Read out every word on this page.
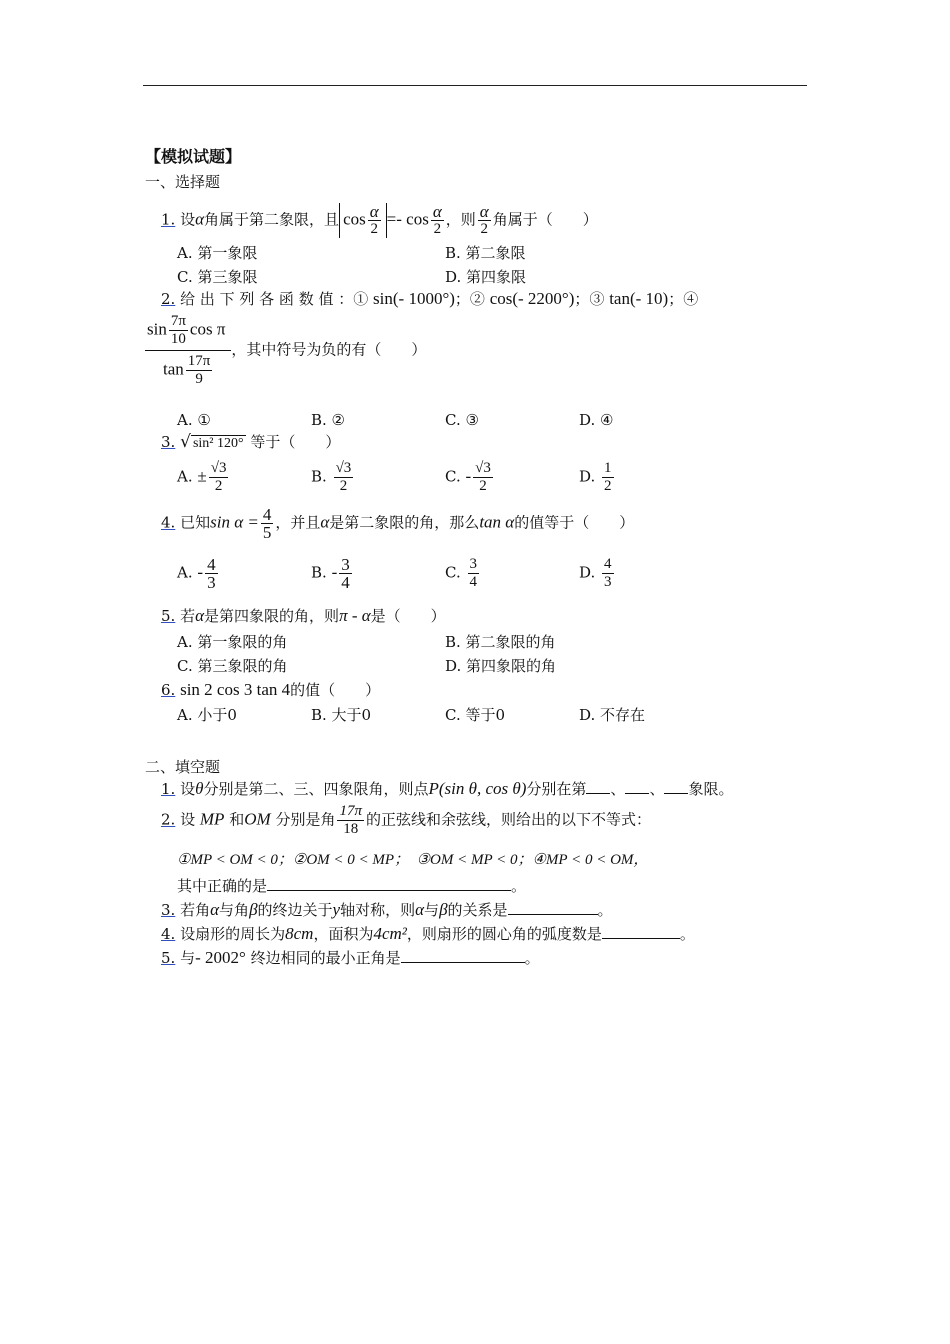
【模拟试题】
一、选择题
1. 设α角属于第二象限，且 $\cos \frac{\alpha}{2} =- \cos \frac{\alpha}{2}$ ，则 $\frac{\alpha}{2}$ 角属于（　　）
A. 第一象限	B. 第二象限
C. 第三象限	D. 第四象限
2. 给 出 下 列 各 函 数 值 ：① sin(- 1000°)；② cos(- 2200°)；③ tan(- 10)；④
$\frac{\sin \frac{7\pi}{10} \cos \pi}{\tan \frac{17\pi}{9}}$ ，其中符号为负的有（　　）
A. ①	B. ②	C. ③	D. ④
3. √ sin² 120° 等于（　　）
A. ± $\frac{√3}{2}$	B. $\frac{√3}{2}$	C. - $\frac{√3}{2}$	D. $\frac{1}{2}$
4. 已知$\sin \alpha = \frac{4}{5}$ ，并且α是第二象限的角，那么tan α的值等于（　　）
A. - $\frac{4}{3}$	B. - $\frac{3}{4}$	C. $\frac{3}{4}$	D. $\frac{4}{3}$
5. 若α是第四象限的角，则π - α是（　　）
A. 第一象限的角	B. 第二象限的角
C. 第三象限的角	D. 第四象限的角
6. sin 2 cos 3 tan 4的值（　　）
A. 小于0	B. 大于0	C. 等于0	D. 不存在
二、填空题
1. 设θ分别是第二、三、四象限角，则点P(sin θ, cos θ)分别在第 、 、 象限。
2. 设 MP 和OM 分别是角 $\frac{17\pi}{18}$ 的正弦线和余弦线，则给出的以下不等式：
①MP < OM < 0；②OM < 0 < MP；　③OM < MP < 0；④MP < 0 < OM，
其中正确的是	。
3. 若角α与角β的终边关于y轴对称，则α与β的关系是	。
4. 设扇形的周长为8cm，面积为4cm²，则扇形的圆心角的弧度数是	。
5. 与- 2002° 终边相同的最小正角是	。
